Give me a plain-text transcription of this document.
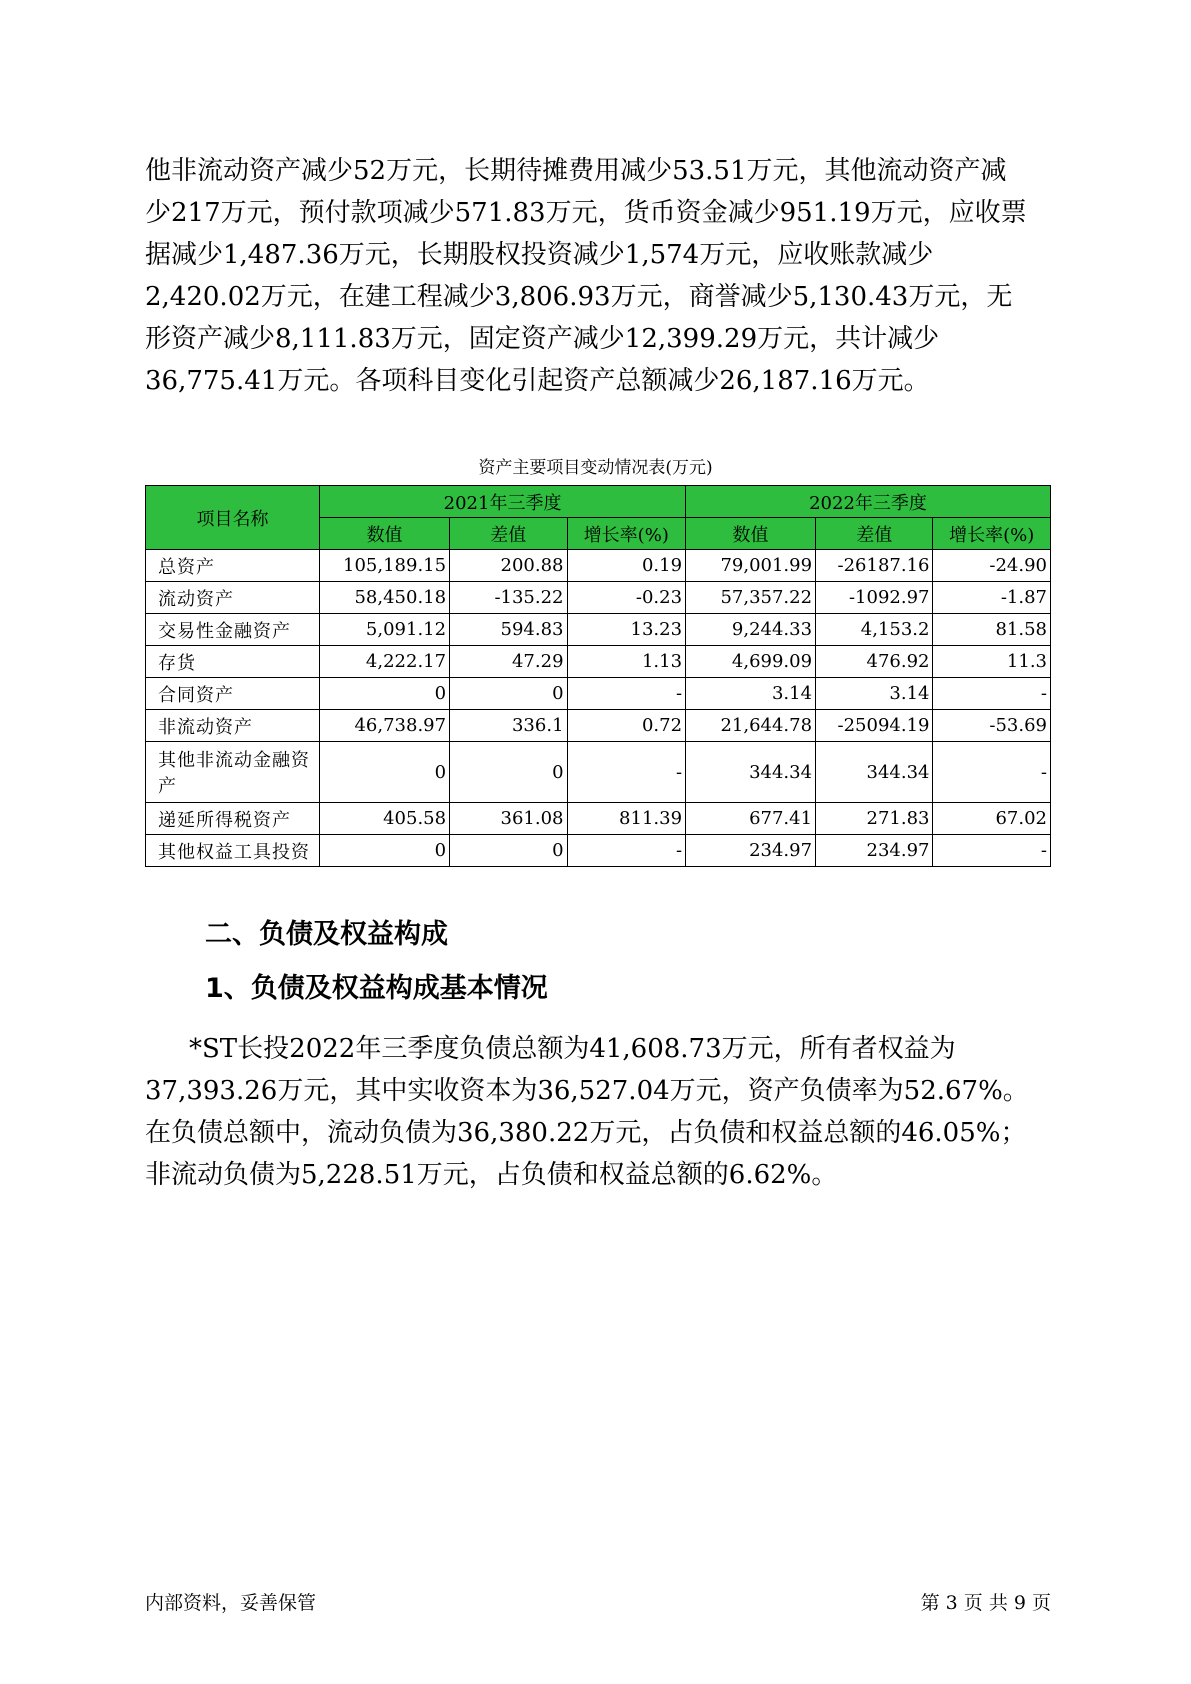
他非流动资产减少52万元，长期待摊费用减少53.51万元，其他流动资产减
少217万元，预付款项减少571.83万元，货币资金减少951.19万元，应收票
据减少1,487.36万元，长期股权投资减少1,574万元，应收账款减少
2,420.02万元，在建工程减少3,806.93万元，商誉减少5,130.43万元，无
形资产减少8,111.83万元，固定资产减少12,399.29万元，共计减少
36,775.41万元。各项科目变化引起资产总额减少26,187.16万元。
资产主要项目变动情况表(万元)
项目名称	2021年三季度			2022年三季度		
	数值	差值	增长率(%)	数值	差值	增长率(%)
总资产	105,189.15	200.88	0.19	79,001.99	-26187.16	-24.90
流动资产	58,450.18	-135.22	-0.23	57,357.22	-1092.97	-1.87
交易性金融资产	5,091.12	594.83	13.23	9,244.33	4,153.2	81.58
存货	4,222.17	47.29	1.13	4,699.09	476.92	11.3
合同资产	0	0	-	3.14	3.14	-
非流动资产	46,738.97	336.1	0.72	21,644.78	-25094.19	-53.69
其他非流动金融资产	0	0	-	344.34	344.34	-
递延所得税资产	405.58	361.08	811.39	677.41	271.83	67.02
其他权益工具投资	0	0	-	234.97	234.97	-
二、负债及权益构成
1、负债及权益构成基本情况
*ST长投2022年三季度负债总额为41,608.73万元，所有者权益为
37,393.26万元，其中实收资本为36,527.04万元，资产负债率为52.67%。
在负债总额中，流动负债为36,380.22万元，占负债和权益总额的46.05%；
非流动负债为5,228.51万元，占负债和权益总额的6.62%。
内部资料，妥善保管	第 3 页 共 9 页
